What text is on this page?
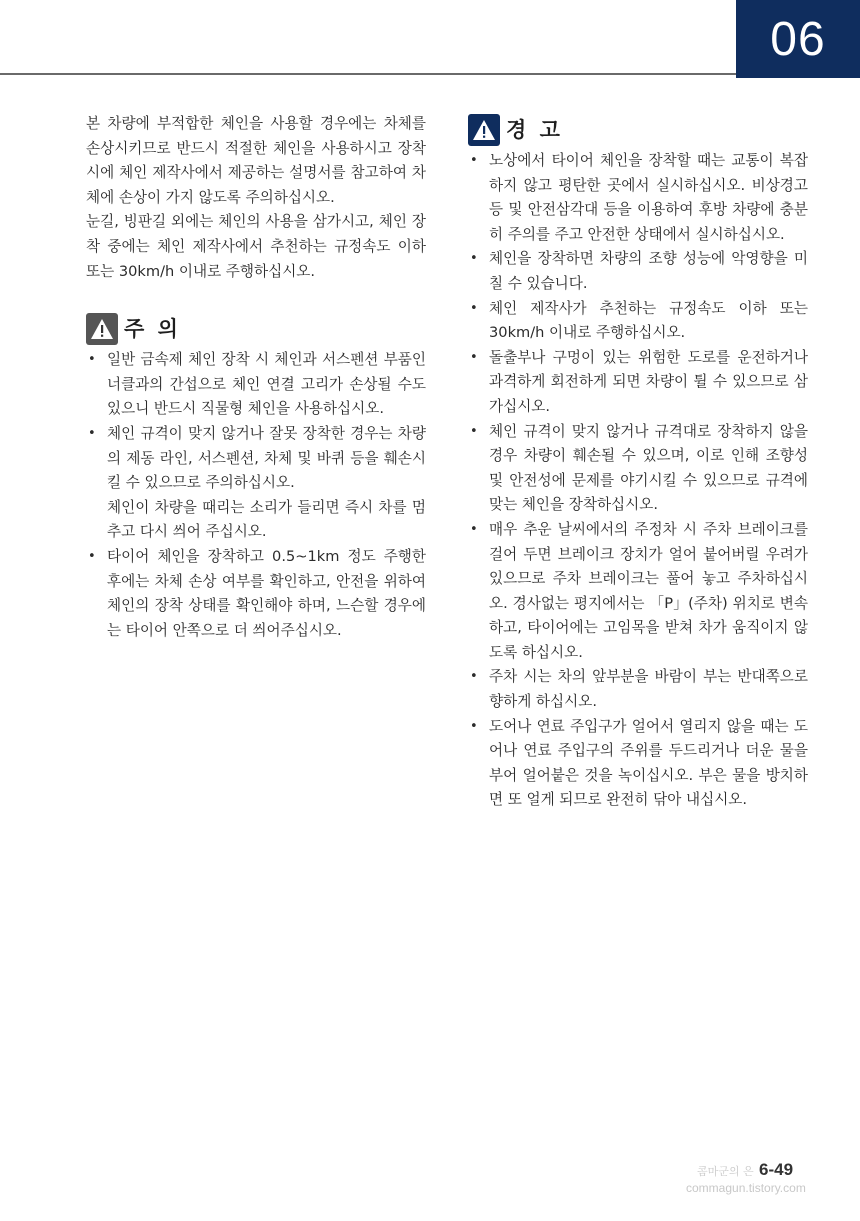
06

본 차량에 부적합한 체인을 사용할 경우에는 차체를 손상시키므로 반드시 적절한 체인을 사용하시고 장착 시에 체인 제작사에서 제공하는 설명서를 참고하여 차체에 손상이 가지 않도록 주의하십시오.

눈길, 빙판길 외에는 체인의 사용을 삼가시고, 체인 장착 중에는 체인 제작사에서 추천하는 규정속도 이하 또는 30km/h 이내로 주행하십시오.

주 의
• 일반 금속제 체인 장착 시 체인과 서스펜션 부품인 너클과의 간섭으로 체인 연결 고리가 손상될 수도 있으니 반드시 직물형 체인을 사용하십시오.
• 체인 규격이 맞지 않거나 잘못 장착한 경우는 차량의 제동 라인, 서스펜션, 차체 및 바퀴 등을 훼손시킬 수 있으므로 주의하십시오.
체인이 차량을 때리는 소리가 들리면 즉시 차를 멈추고 다시 씌어 주십시오.
• 타이어 체인을 장착하고 0.5~1km 정도 주행한 후에는 차체 손상 여부를 확인하고, 안전을 위하여 체인의 장착 상태를 확인해야 하며, 느슨할 경우에는 타이어 안쪽으로 더 씌어주십시오.
경 고
• 노상에서 타이어 체인을 장착할 때는 교통이 복잡하지 않고 평탄한 곳에서 실시하십시오. 비상경고등 및 안전삼각대 등을 이용하여 후방 차량에 충분히 주의를 주고 안전한 상태에서 실시하십시오.
• 체인을 장착하면 차량의 조향 성능에 악영향을 미칠 수 있습니다.
• 체인 제작사가 추천하는 규정속도 이하 또는 30km/h 이내로 주행하십시오.
• 돌출부나 구멍이 있는 위험한 도로를 운전하거나 과격하게 회전하게 되면 차량이 튈 수 있으므로 삼가십시오.
• 체인 규격이 맞지 않거나 규격대로 장착하지 않을 경우 차량이 훼손될 수 있으며, 이로 인해 조향성 및 안전성에 문제를 야기시킬 수 있으므로 규격에 맞는 체인을 장착하십시오.
• 매우 추운 날씨에서의 주정차 시 주차 브레이크를 걸어 두면 브레이크 장치가 얼어 붙어버릴 우려가 있으므로 주차 브레이크는 풀어 놓고 주차하십시오. 경사없는 평지에서는 「P」(주차) 위치로 변속하고, 타이어에는 고임목을 받쳐 차가 움직이지 않도록 하십시오.
• 주차 시는 차의 앞부분을 바람이 부는 반대쪽으로 향하게 하십시오.
• 도어나 연료 주입구가 얼어서 열리지 않을 때는 도어나 연료 주입구의 주위를 두드리거나 더운 물을 부어 얼어붙은 것을 녹이십시오. 부은 물을 방치하면 또 얼게 되므로 완전히 닦아 내십시오.
콤마군의 은
commagun.tistory.com
6-49
